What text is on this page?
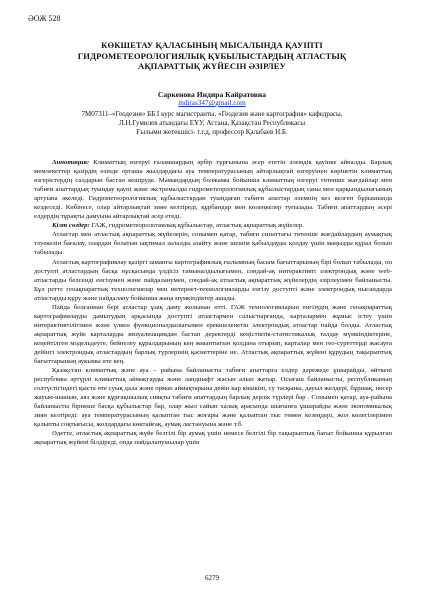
ӘОЖ 528
КӨКШЕТАУ ҚАЛАСЫНЫҢ МЫСАЛЫНДА ҚАУІПТІ ГИДРОМЕТЕОРОЛОГИЯЛЫҚ ҚҰБЫЛЫСТАРДЫҢ АТЛАСТЫҚ АҚПАРАТТЫҚ ЖҮЙЕСІН ӘЗІРЛЕУ
Саркенова Индира Кайратовна
indiras347@gmail.com
7М07311–«Геодезия» ББ I курс магистранты, «Геодезия және картография» кафедрасы,
Л.Н.Гумилев атындағы ЕҰУ, Астана, Қазақстан Республикасы
Ғылыми жетекшісі- т.г.д, профессор Қалабаев Н.Б.

Аннотация: Климаттың өзгеруі ғаламшардың әрбір тұрғынына әсер ететін әлемдік қауіпке айналды. Барлық мемлекеттер қазірдің өзінде орташа жылдардағы ауа температурасының айтарлықтай өзгеруінен көрінетін климаттық өзгерістердің салдарын бастан кешіруде. Мамандардың болжамы бойынша климаттың өзгеруі төтенше жағдайлар мен табиғи апаттардың туындау қаупі және экстремалды гидрометеорологиялық құбылыстардың саны мен қарқындылығының артуына әкеледі. Гидрометеорологиялық құбылыстардан туындаған табиғи апаттар әлемнің кез келген бұрышында кездеседі. Көбінесе, олар айтарлықтай зиян келтіреді, құрбандар мен көлеңкелер туғызады. Табиғи апаттардың әсері елдердің тұрақты дамуына айтарлықтай әсер етеді.

Кілт сөздер: ГАЖ, гидрометеорологиялық құбылыстар, атластық ақпараттық жүйелер.

Атластар мен атластық ақпараттық жүйелерін, сонымен қатар, табиғи сипаттағы төтенше жағдайлардың аумақтық тәуекелін бағалау, олардан болатын ықтимал залалды азайту және шешім қабылдауды қолдау үшін маңызды құрал болып табылады.

Атластық картографиялау қазіргі заманғы картографиялық ғылымның басым бағыттарының бірі болып табылады, оп доступті атластардың басқа нұсқасында үлдісіз тамыналдылығымен, сондай-ақ интерактивті электрондық және web-атластарды белсенді енгізумен және пайдаланумен, сондай-ақ атластық ақпараттық жүйелердің әзірлеуімен байланысты. Бұл ретте геоақпараттық технологиялар мен интернет-технологияларды енгізу доступті және электрондық нысандарда атластарды құру және пайдалану бойынша жаңа мүмкіндіктер ашады.

Пайда болғаннан бері атластар ұзақ даму жолынан өтті. ГАЖ технологияларын енгізудің және геоақпараттық картографиялауды дамытудың арқасында доступті атластармен салыстырғанда, карталармен жұмыс істеу үшін интерактивтілігімен және үлкен функционалдылығымен ерекшеленетін электрондық атластар пайда болды. Атластық ақпараттық жүйе карталарды визуализациядан бастап деректерді кеңістіктік-статистикалық талдау мүмкіндіктеріне, кеңейтілген модельдеуге, бейнелеу құралдарының кең жиынтығын қолдана отырып, карталар мен гео-суреттерді жасауға дейінгі электрондық атластардың барлық түрлерінің қасиеттеріне ие. Атластық ақпараттық жүйені құрудың тақырыптық бағыттарының аукымы өте кең.

Қазақстан климаттық және ауа – райына байланысты табиғи апаттарға елдер дәрежеде ұшырайды, өйткені республика әртүрлі климаттық аймақтарды және ландшафт жасын алып жатыр. Осығаш байланысты, республиканың солтүстігіндегі қыста өте суық дала және орман аймақтарына дейін кар көшкіні, су тасқыны, дауыл желдері, бұршақ, нөсер жауын-шашын, аяз және құрғақшылық сияқты табиғи апаттардың барлық дерлік түрлері бар . Сонымен қатар, ауа-райына байланысты бірнеше басқа құбылыстар бар, олар жыл сайын халық арасында шығынға ұшырайды және экономикалық зиян келтіреді: ауа температурасының қалыптан тыс жоғары және қалыптан тыс төмен кезеңдері, жол көлегілерімен қалыпты соқтығысы, жолдардағы көктайғақ, аумақ ластануына және т.б.

Әдетте, атластық ақпараттық жүйе белгілі бір аумақ үшін немесе белгілі бір тақырыптық бағыт бойынша құрылған ақпараттық жүйені білдіреді, онда пайдаланушылар үшін

6279
